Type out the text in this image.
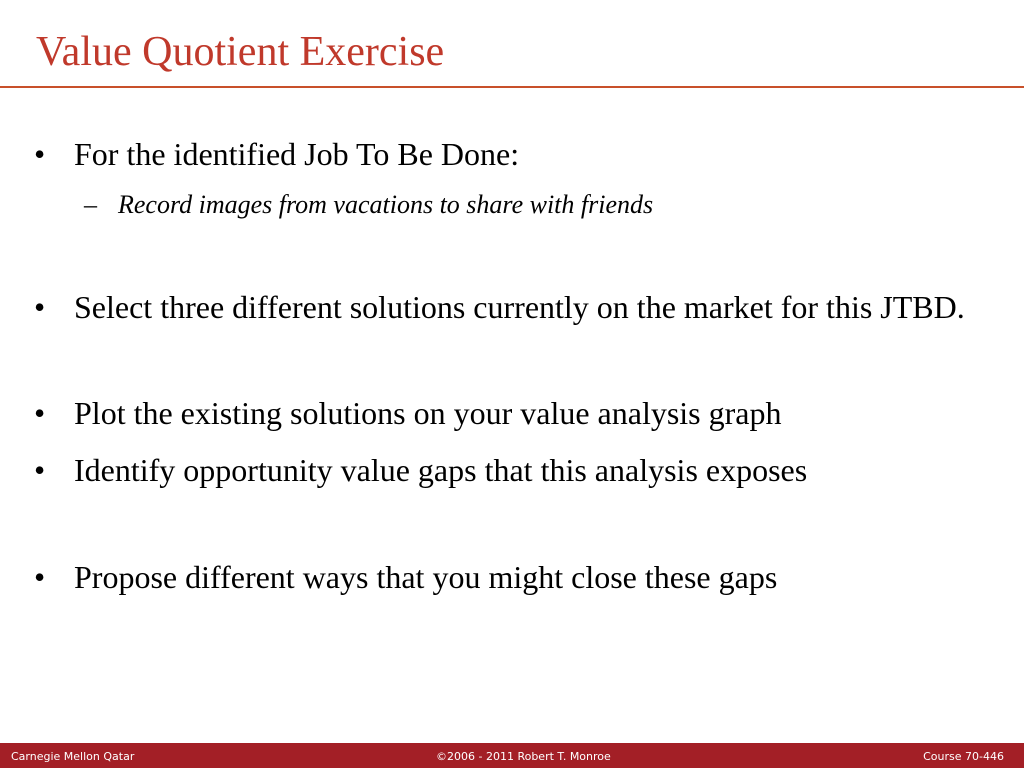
Value Quotient Exercise
• For the identified Job To Be Done:
– Record images from vacations to share with friends
• Select three different solutions currently on the market for this JTBD.
• Plot the existing solutions on your value analysis graph
• Identify opportunity value gaps that this analysis exposes
• Propose different ways that you might close these gaps
Carnegie Mellon Qatar	©2006 - 2011 Robert T. Monroe	Course 70-446
